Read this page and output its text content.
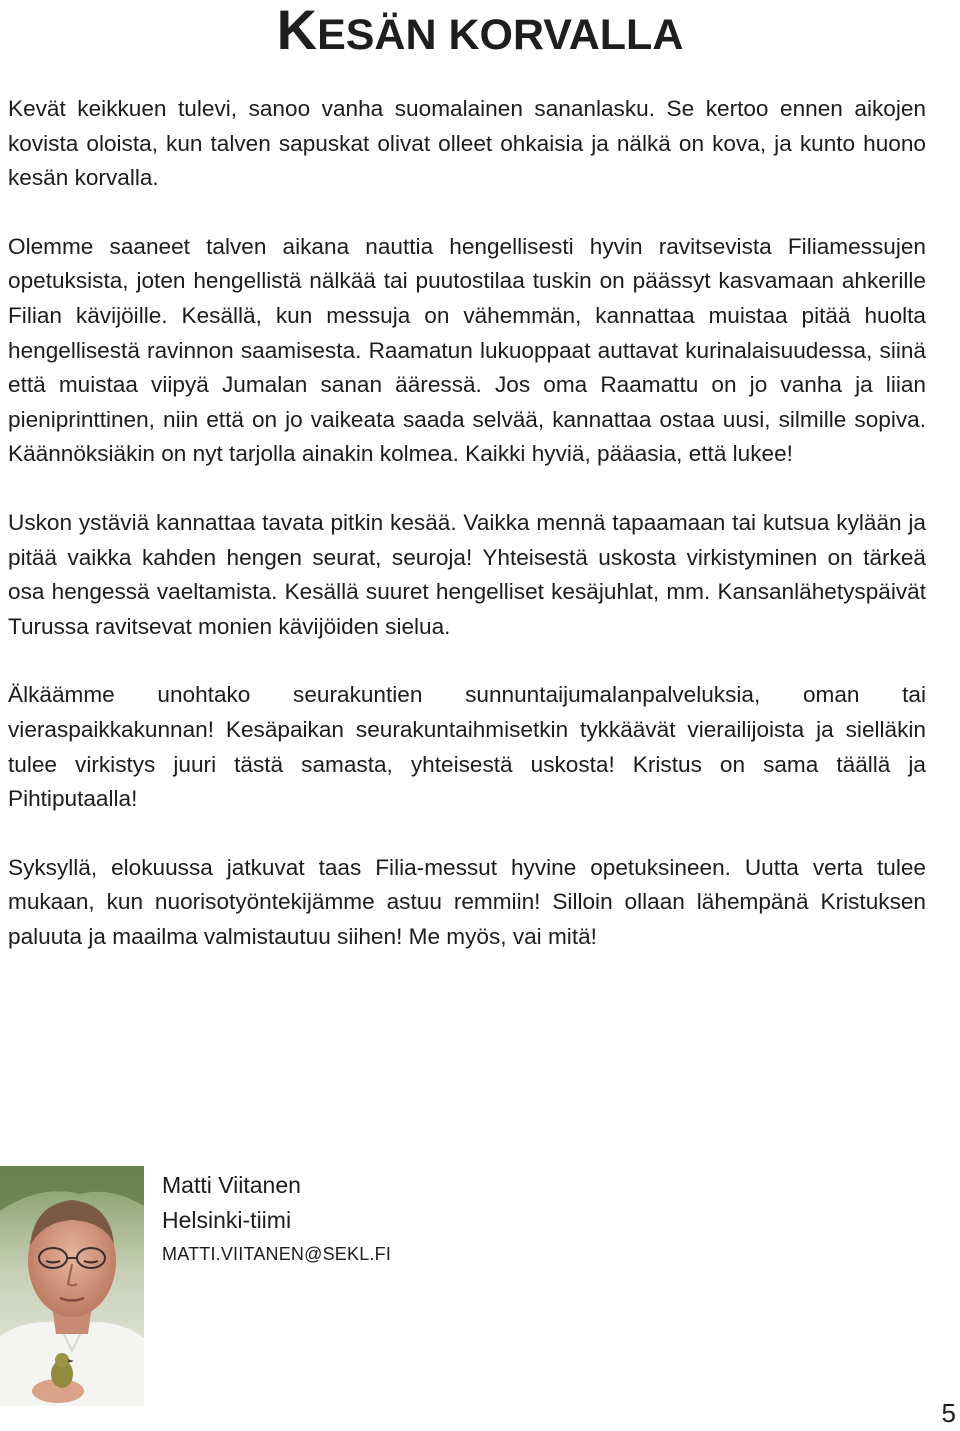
KESÄN KORVALLA

Kevät keikkuen tulevi, sanoo vanha suomalainen sananlasku. Se kertoo ennen aikojen kovista oloista, kun talven sapuskat olivat olleet ohkaisia ja nälkä on kova, ja kunto huono kesän korvalla.

Olemme saaneet talven aikana nauttia hengellisesti hyvin ravitsevista Filiamessujen opetuksista, joten hengellistä nälkää tai puutostilaa tuskin on päässyt kasvamaan ahkerille Filian kävijöille. Kesällä, kun messuja on vähemmän, kannattaa muistaa pitää huolta hengellisestä ravinnon saamisesta. Raamatun lukuoppaat auttavat kurinalaisuudessa, siinä että muistaa viipyä Jumalan sanan ääressä. Jos oma Raamattu on jo vanha ja liian pieniprinttinen, niin että on jo vaikeata saada selvää, kannattaa ostaa uusi, silmille sopiva. Käännöksiäkin on nyt tarjolla ainakin kolmea. Kaikki hyviä, pääasia, että lukee!

Uskon ystäviä kannattaa tavata pitkin kesää. Vaikka mennä tapaamaan tai kutsua kylään ja pitää vaikka kahden hengen seurat, seuroja! Yhteisestä uskosta virkistyminen on tärkeä osa hengessä vaeltamista. Kesällä suuret hengelliset kesäjuhlat, mm. Kansanlähetyspäivät Turussa ravitsevat monien kävijöiden sielua.

Älkäämme unohtako seurakuntien sunnuntaijumalanpalveluksia, oman tai vieraspaikkakunnan! Kesäpaikan seurakuntaihmisetkin tykkäävät vierailijoista ja sielläkin tulee virkistys juuri tästä samasta, yhteisestä uskosta! Kristus on sama täällä ja Pihtiputaalla!

Syksyllä, elokuussa jatkuvat taas Filia-messut hyvine opetuksineen. Uutta verta tulee mukaan, kun nuorisotyöntekijämme astuu remmiin! Silloin ollaan lähempänä Kristuksen paluuta ja maailma valmistautuu siihen! Me myös, vai mitä!

Matti Viitanen
Helsinki-tiimi
MATTI.VIITANEN@SEKL.FI
5
